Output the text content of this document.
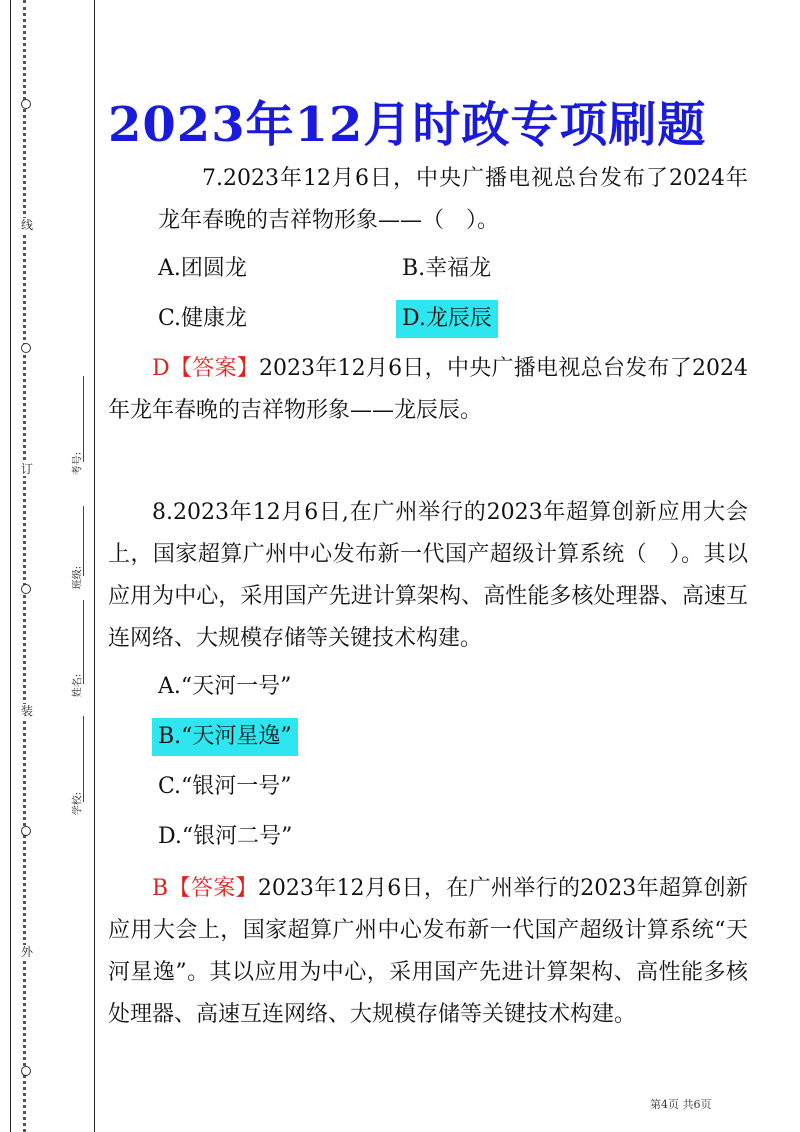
线
订
装
外
考号:
班级:
姓名:
学校:
2023年12月时政专项刷题

7.2023年12月6日，中央广播电视总台发布了2024年龙年春晚的吉祥物形象——（　）。

A.团圆龙	B.幸福龙
C.健康龙	D.龙辰辰

D【答案】2023年12月6日，中央广播电视总台发布了2024年龙年春晚的吉祥物形象——龙辰辰。

8.2023年12月6日,在广州举行的2023年超算创新应用大会上，国家超算广州中心发布新一代国产超级计算系统（　）。其以应用为中心，采用国产先进计算架构、高性能多核处理器、高速互连网络、大规模存储等关键技术构建。

A.“天河一号”
B.“天河星逸”
C.“银河一号”
D.“银河二号”

B【答案】2023年12月6日，在广州举行的2023年超算创新应用大会上，国家超算广州中心发布新一代国产超级计算系统“天河星逸”。其以应用为中心，采用国产先进计算架构、高性能多核处理器、高速互连网络、大规模存储等关键技术构建。

第4页 共6页
